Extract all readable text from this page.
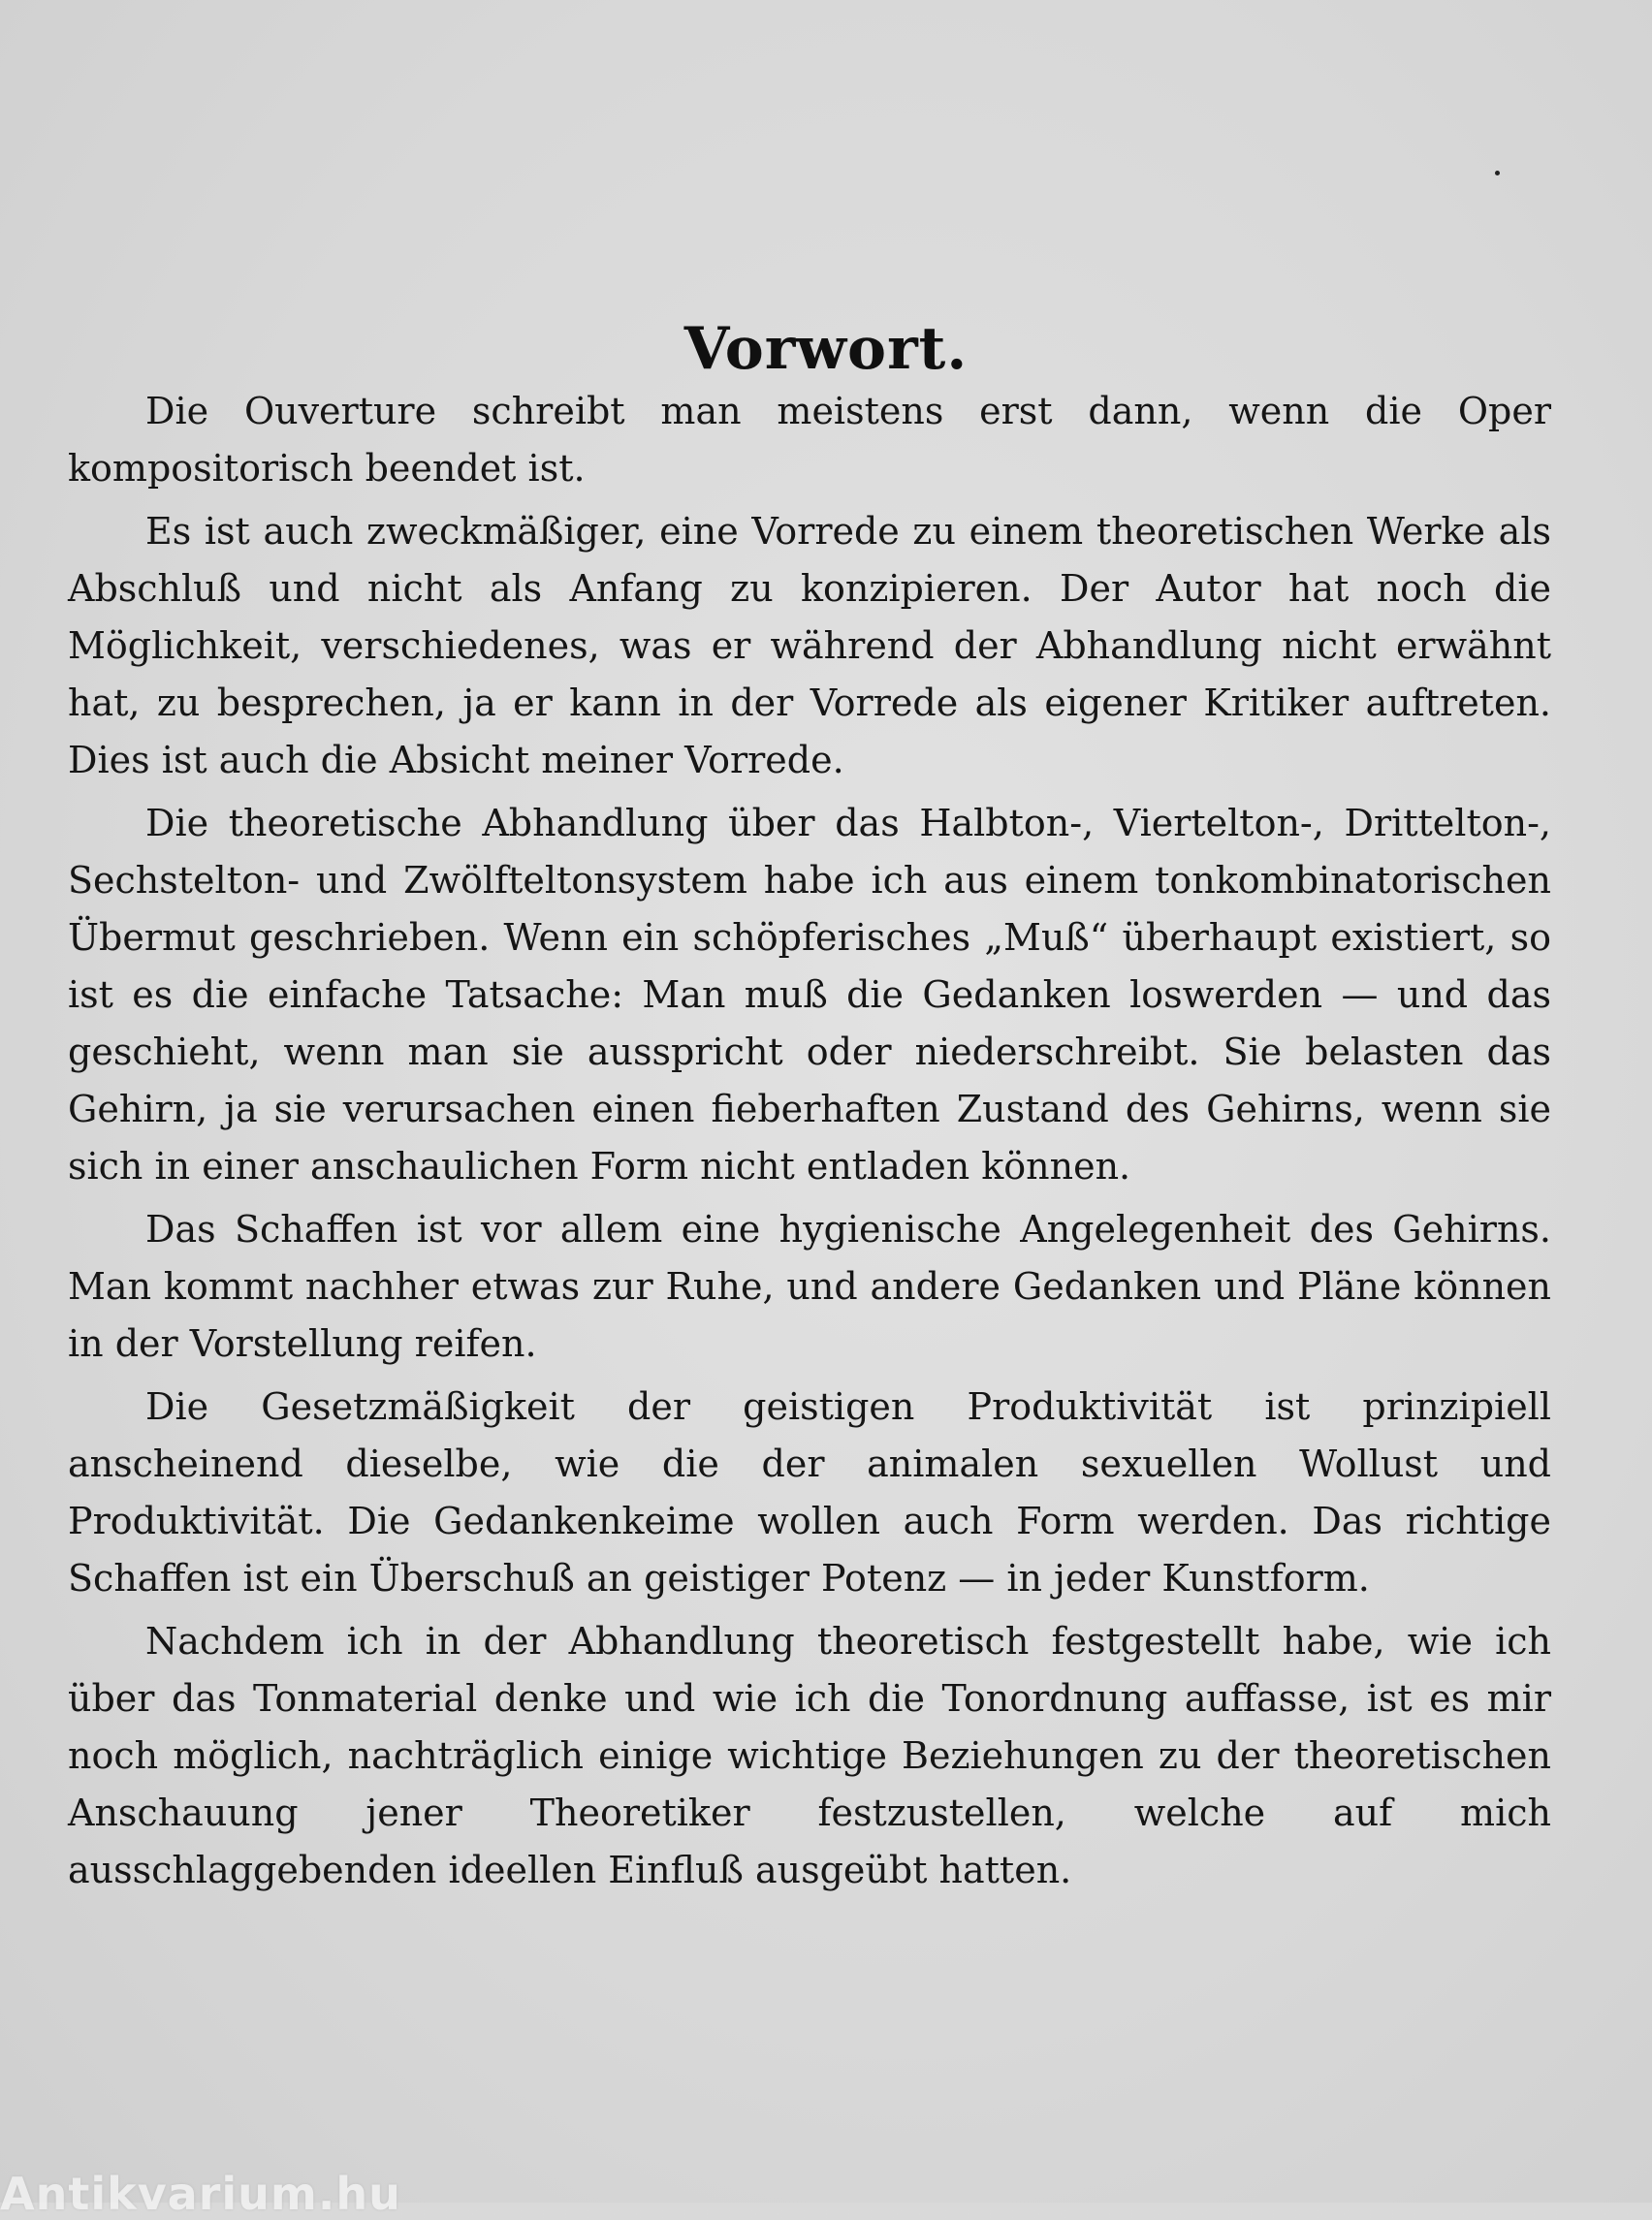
Vorwort.

Die Ouverture schreibt man meistens erst dann, wenn die Oper kompositorisch beendet ist.

Es ist auch zweckmäßiger, eine Vorrede zu einem theoretischen Werke als Abschluß und nicht als Anfang zu konzipieren. Der Autor hat noch die Möglichkeit, verschiedenes, was er während der Abhandlung nicht erwähnt hat, zu besprechen, ja er kann in der Vorrede als eigener Kritiker auftreten. Dies ist auch die Absicht meiner Vorrede.

Die theoretische Abhandlung über das Halbton-, Viertelton-, Drittelton-, Sechstelton- und Zwölfteltonsystem habe ich aus einem tonkombinatorischen Übermut geschrieben. Wenn ein schöpferisches „Muß“ überhaupt existiert, so ist es die einfache Tatsache: Man muß die Gedanken loswerden — und das geschieht, wenn man sie ausspricht oder niederschreibt. Sie belasten das Gehirn, ja sie verursachen einen fieberhaften Zustand des Gehirns, wenn sie sich in einer anschaulichen Form nicht entladen können.

Das Schaffen ist vor allem eine hygienische Angelegenheit des Gehirns. Man kommt nachher etwas zur Ruhe, und andere Gedanken und Pläne können in der Vorstellung reifen.

Die Gesetzmäßigkeit der geistigen Produktivität ist prinzipiell anscheinend dieselbe, wie die der animalen sexuellen Wollust und Produktivität. Die Gedankenkeime wollen auch Form werden. Das richtige Schaffen ist ein Überschuß an geistiger Potenz — in jeder Kunstform.

Nachdem ich in der Abhandlung theoretisch festgestellt habe, wie ich über das Tonmaterial denke und wie ich die Tonordnung auffasse, ist es mir noch möglich, nachträglich einige wichtige Beziehungen zu der theoretischen Anschauung jener Theoretiker festzustellen, welche auf mich ausschlaggebenden ideellen Einfluß ausgeübt hatten.

Antikvarium.hu
